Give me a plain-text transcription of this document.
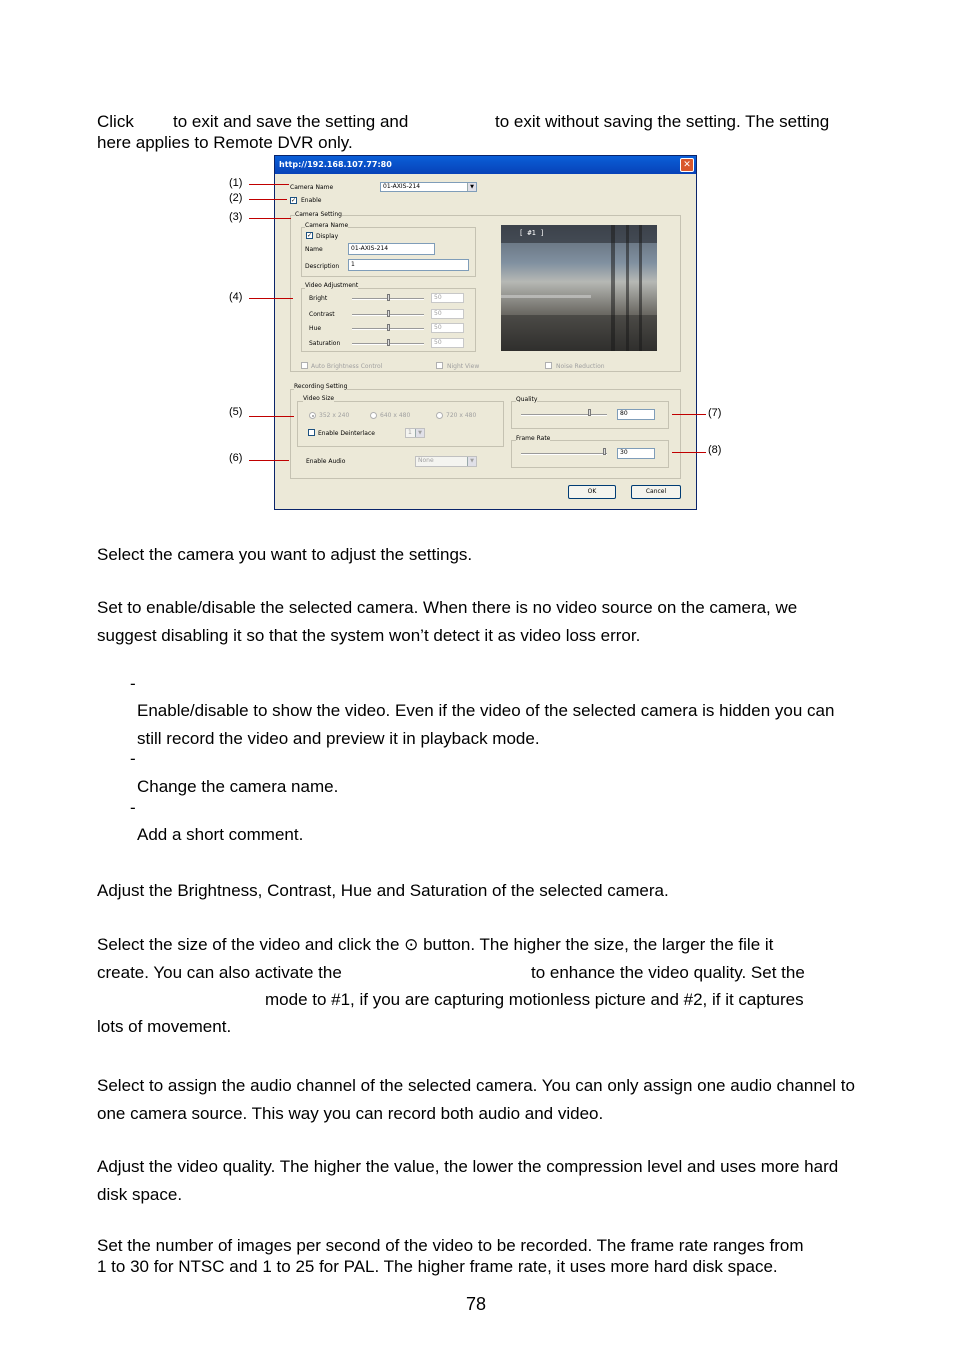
Click to exit and save the setting and	to exit without saving the setting. The setting
here applies to Remote DVR only.
http://192.168.107.77:80	✕
Camera Name	01-AXIS-214	▼
✓ Enable
Camera Setting
Camera Name
✓ Display
Name	01-AXIS-214
Description	1
Video Adjustment
Bright	50
Contrast	50
Hue	50
Saturation	50
[ #1 ]
Auto Brightness Control	Night View	Noise Reduction
Recording Setting
Video Size
352 x 240	640 x 480	720 x 480
Enable Deinterlace	1	▼
Enable Audio	None	▼
Quality
80
Frame Rate
30
OK	Cancel
(1)
(2)
(3)
(4)
(5)
(6)
(7)
(8)
Select the camera you want to adjust the settings.
Set to enable/disable the selected camera. When there is no video source on the camera, we suggest disabling it so that the system won’t detect it as video loss error.
-
Enable/disable to show the video. Even if the video of the selected camera is hidden you can still record the video and preview it in playback mode.
-
Change the camera name.
-
Add a short comment.
Adjust the Brightness, Contrast, Hue and Saturation of the selected camera.
Select the size of the video and click the ⊙ button. The higher the size, the larger the file it
create. You can also activate the	to enhance the video quality. Set the
mode to #1, if you are capturing motionless picture and #2, if it captures
lots of movement.
Select to assign the audio channel of the selected camera. You can only assign one audio channel to one camera source. This way you can record both audio and video.
Adjust the video quality. The higher the value, the lower the compression level and uses more hard disk space.
Set the number of images per second of the video to be recorded. The frame rate ranges from
1 to 30 for NTSC and 1 to 25 for PAL. The higher frame rate, it uses more hard disk space.
78
